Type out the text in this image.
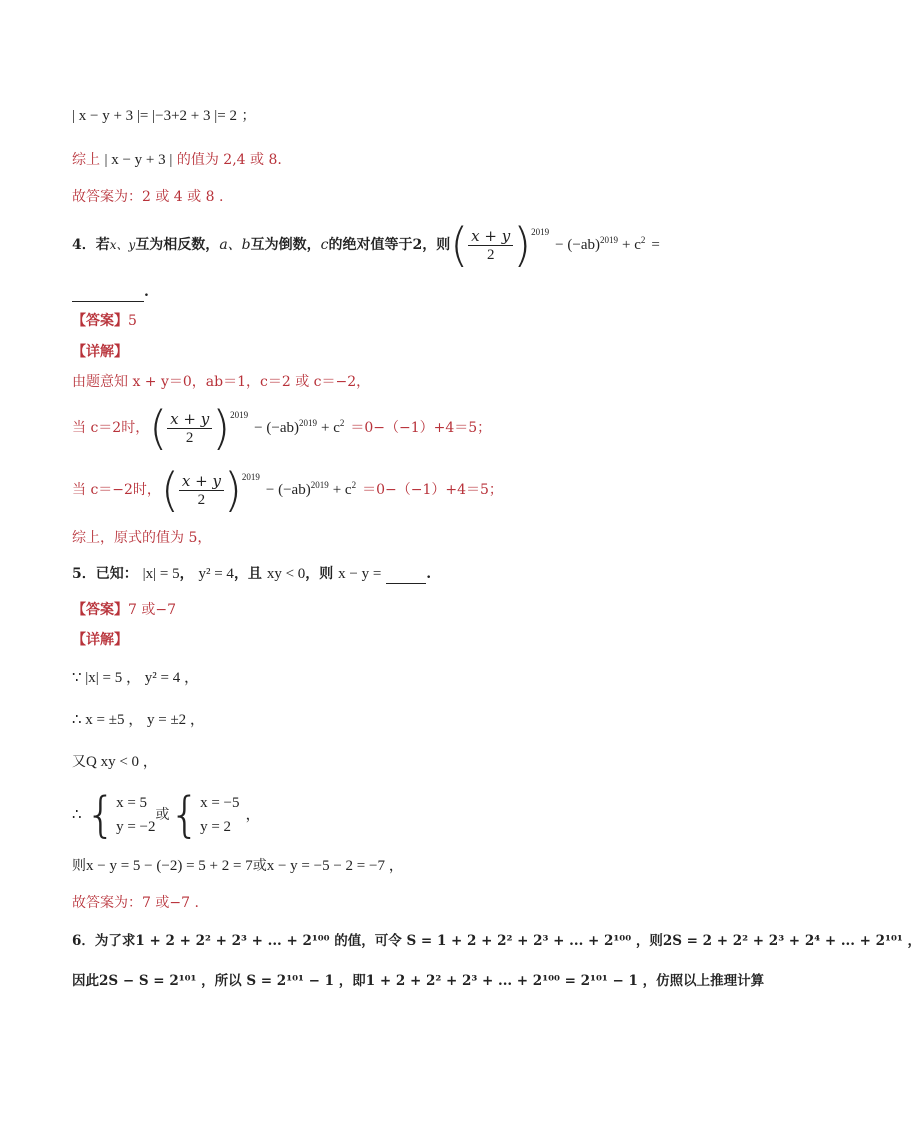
| x − y + 3 |= |−3+2 + 3 |= 2 ；
综上 | x − y + 3 | 的值为 2,4 或 8.
故答案为：2 或 4 或 8 .
4． 若 x、y 互为相反数， a、b 互为倒数， c 的绝对值等于 2， 则 ( $\frac{x + y}{2} )^{2019}$
− $(-ab)^{2019} + c^2$ =
.
【答案】5
【详解】
由题意知 x + y＝0，ab＝1，c＝2 或 c＝−2，
当 c＝2时， ( $\frac{x + y}{2} )^{2019}$
− $(-ab)^{2019} + c^2 =0-(-1)+4=5$；
当 c＝−2时， ( $\frac{x + y}{2} )^{2019}$
− $(-ab)^{2019} + c^2 =0-(-1)+4=5$；
综上，原式的值为 5，
5．已知： |x| = 5， y² = 4，且 xy < 0，则 x − y =	.
【答案】7 或−7
【详解】
∵ |x| = 5 ， y² = 4 ，
∴ x = ±5 ， y = ±2 ，
又Q xy < 0 ，
∴ { x = 5
y = −2
或 { x = −5
y = 2
，
则x − y = 5 − (−2) = 5 + 2 = 7或x − y = −5 − 2 = −7 ，
故答案为：7 或−7 .
6．为了求1 + 2 + 2² + 2³ + ... + 2¹⁰⁰ 的值，可令 S = 1 + 2 + 2² + 2³ + ... + 2¹⁰⁰ ，则2S = 2 + 2² + 2³ + 2⁴ + ... + 2¹⁰¹ ，
因此2S − S = 2¹⁰¹ ，所以 S = 2¹⁰¹ − 1 ，即1 + 2 + 2² + 2³ + ... + 2¹⁰⁰ = 2¹⁰¹ − 1 ，仿照以上推理计算
